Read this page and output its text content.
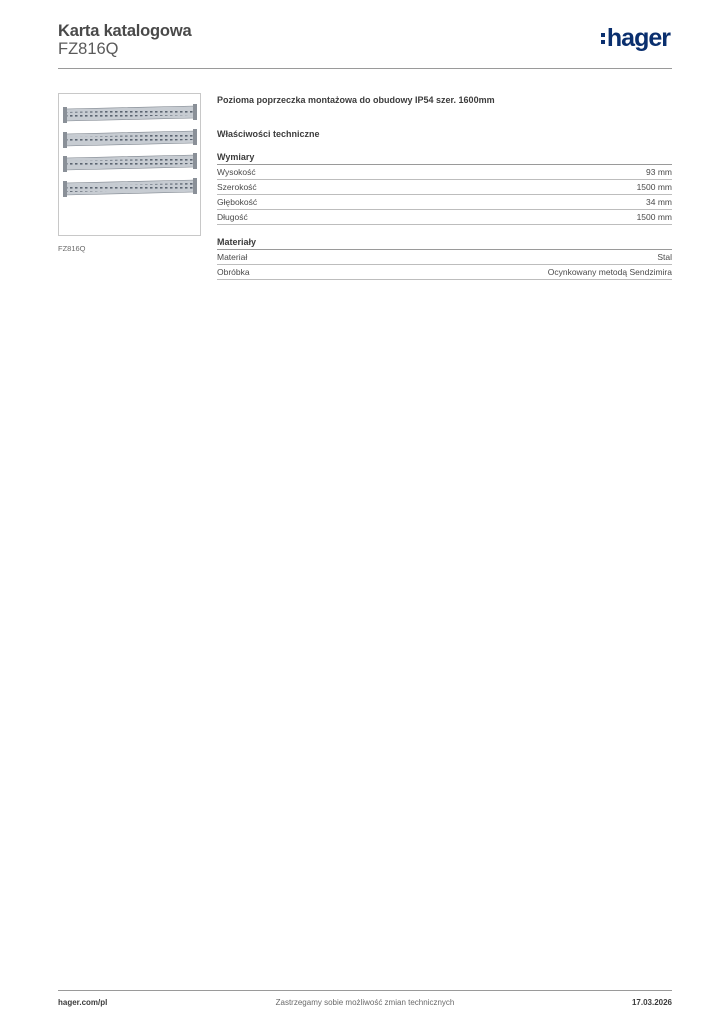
Karta katalogowa
FZ816Q	hager
FZ816Q
Pozioma poprzeczka montażowa do obudowy IP54 szer. 1600mm
Właściwości techniczne
Wymiary
Wysokość	93 mm
Szerokość	1500 mm
Głębokość	34 mm
Długość	1500 mm
Materiały
Materiał	Stal
Obróbka	Ocynkowany metodą Sendzimira
hager.com/pl	Zastrzegamy sobie możliwość zmian technicznych	17.03.2026
